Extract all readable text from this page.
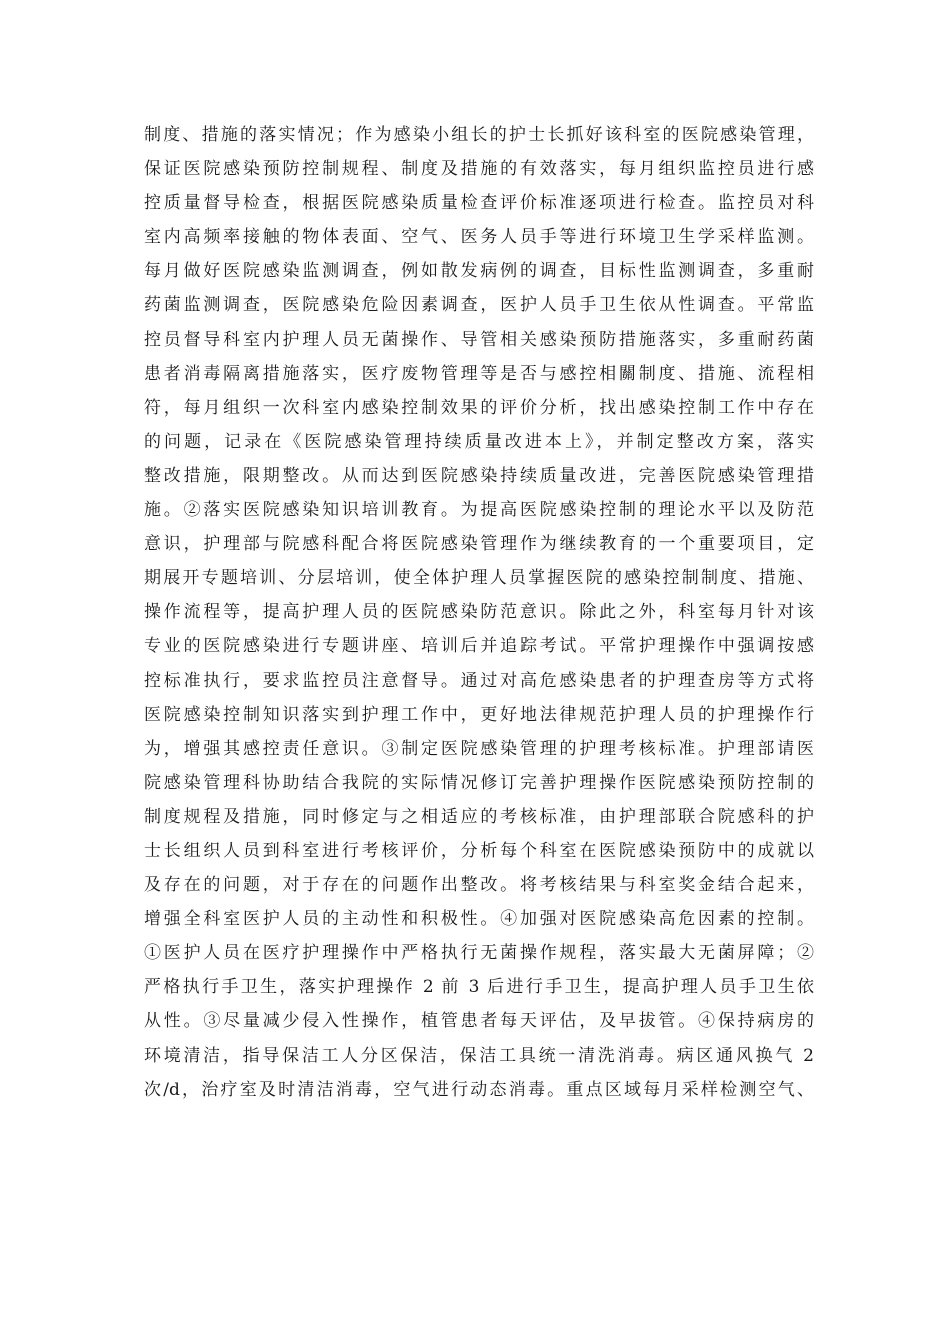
制度、措施的落实情况；作为感染小组长的护士长抓好该科室的医院感染管理，
保证医院感染预防控制规程、制度及措施的有效落实，每月组织监控员进行感
控质量督导检查，根据医院感染质量检查评价标准逐项进行检查。监控员对科
室内高频率接触的物体表面、空气、医务人员手等进行环境卫生学采样监测。
每月做好医院感染监测调查，例如散发病例的调查，目标性监测调查，多重耐
药菌监测调查，医院感染危险因素调查，医护人员手卫生依从性调查。平常监
控员督导科室内护理人员无菌操作、导管相关感染预防措施落实，多重耐药菌
患者消毒隔离措施落实，医疗废物管理等是否与感控相關制度、措施、流程相
符，每月组织一次科室内感染控制效果的评价分析，找出感染控制工作中存在
的问题，记录在《医院感染管理持续质量改进本上》，并制定整改方案，落实
整改措施，限期整改。从而达到医院感染持续质量改进，完善医院感染管理措
施。②落实医院感染知识培训教育。为提高医院感染控制的理论水平以及防范
意识，护理部与院感科配合将医院感染管理作为继续教育的一个重要项目，定
期展开专题培训、分层培训，使全体护理人员掌握医院的感染控制制度、措施、
操作流程等，提高护理人员的医院感染防范意识。除此之外，科室每月针对该
专业的医院感染进行专题讲座、培训后并追踪考试。平常护理操作中强调按感
控标准执行，要求监控员注意督导。通过对高危感染患者的护理查房等方式将
医院感染控制知识落实到护理工作中，更好地法律规范护理人员的护理操作行
为，增强其感控责任意识。③制定医院感染管理的护理考核标准。护理部请医
院感染管理科协助结合我院的实际情况修订完善护理操作医院感染预防控制的
制度规程及措施，同时修定与之相适应的考核标准，由护理部联合院感科的护
士长组织人员到科室进行考核评价，分析每个科室在医院感染预防中的成就以
及存在的问题，对于存在的问题作出整改。将考核结果与科室奖金结合起来，
增强全科室医护人员的主动性和积极性。④加强对医院感染高危因素的控制。
①医护人员在医疗护理操作中严格执行无菌操作规程，落实最大无菌屏障；②
严格执行手卫生，落实护理操作 2 前 3 后进行手卫生，提高护理人员手卫生依
从性。③尽量减少侵入性操作，植管患者每天评估，及早拔管。④保持病房的
环境清洁，指导保洁工人分区保洁，保洁工具统一清洗消毒。病区通风换气 2
次/d，治疗室及时清洁消毒，空气进行动态消毒。重点区域每月采样检测空气、
